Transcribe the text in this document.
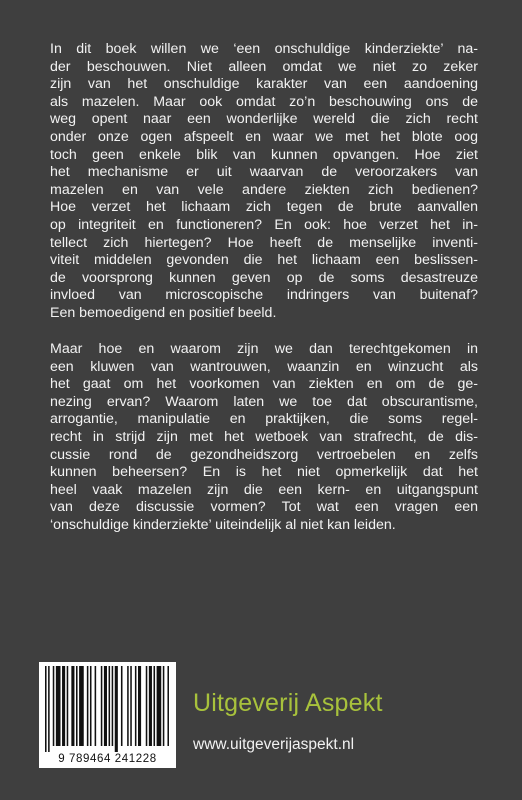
In dit boek willen we ‘een onschuldige kinderziekte’ na-
der beschouwen. Niet alleen omdat we niet zo zeker
zijn van het onschuldige karakter van een aandoening
als mazelen. Maar ook omdat zo’n beschouwing ons de
weg opent naar een wonderlijke wereld die zich recht
onder onze ogen afspeelt en waar we met het blote oog
toch geen enkele blik van kunnen opvangen. Hoe ziet
het mechanisme er uit waarvan de veroorzakers van
mazelen en van vele andere ziekten zich bedienen?
Hoe verzet het lichaam zich tegen de brute aanvallen
op integriteit en functioneren? En ook: hoe verzet het in-
tellect zich hiertegen? Hoe heeft de menselijke inventi-
viteit middelen gevonden die het lichaam een beslissen-
de voorsprong kunnen geven op de soms desastreuze
invloed van microscopische indringers van buitenaf?
Een bemoedigend en positief beeld.
Maar hoe en waarom zijn we dan terechtgekomen in
een kluwen van wantrouwen, waanzin en winzucht als
het gaat om het voorkomen van ziekten en om de ge-
nezing ervan? Waarom laten we toe dat obscurantisme,
arrogantie, manipulatie en praktijken, die soms regel-
recht in strijd zijn met het wetboek van strafrecht, de dis-
cussie rond de gezondheidszorg vertroebelen en zelfs
kunnen beheersen? En is het niet opmerkelijk dat het
heel vaak mazelen zijn die een kern- en uitgangspunt
van deze discussie vormen? Tot wat een vragen een
‘onschuldige kinderziekte’ uiteindelijk al niet kan leiden.
9 789464 241228
Uitgeverij Aspekt
www.uitgeverijaspekt.nl
